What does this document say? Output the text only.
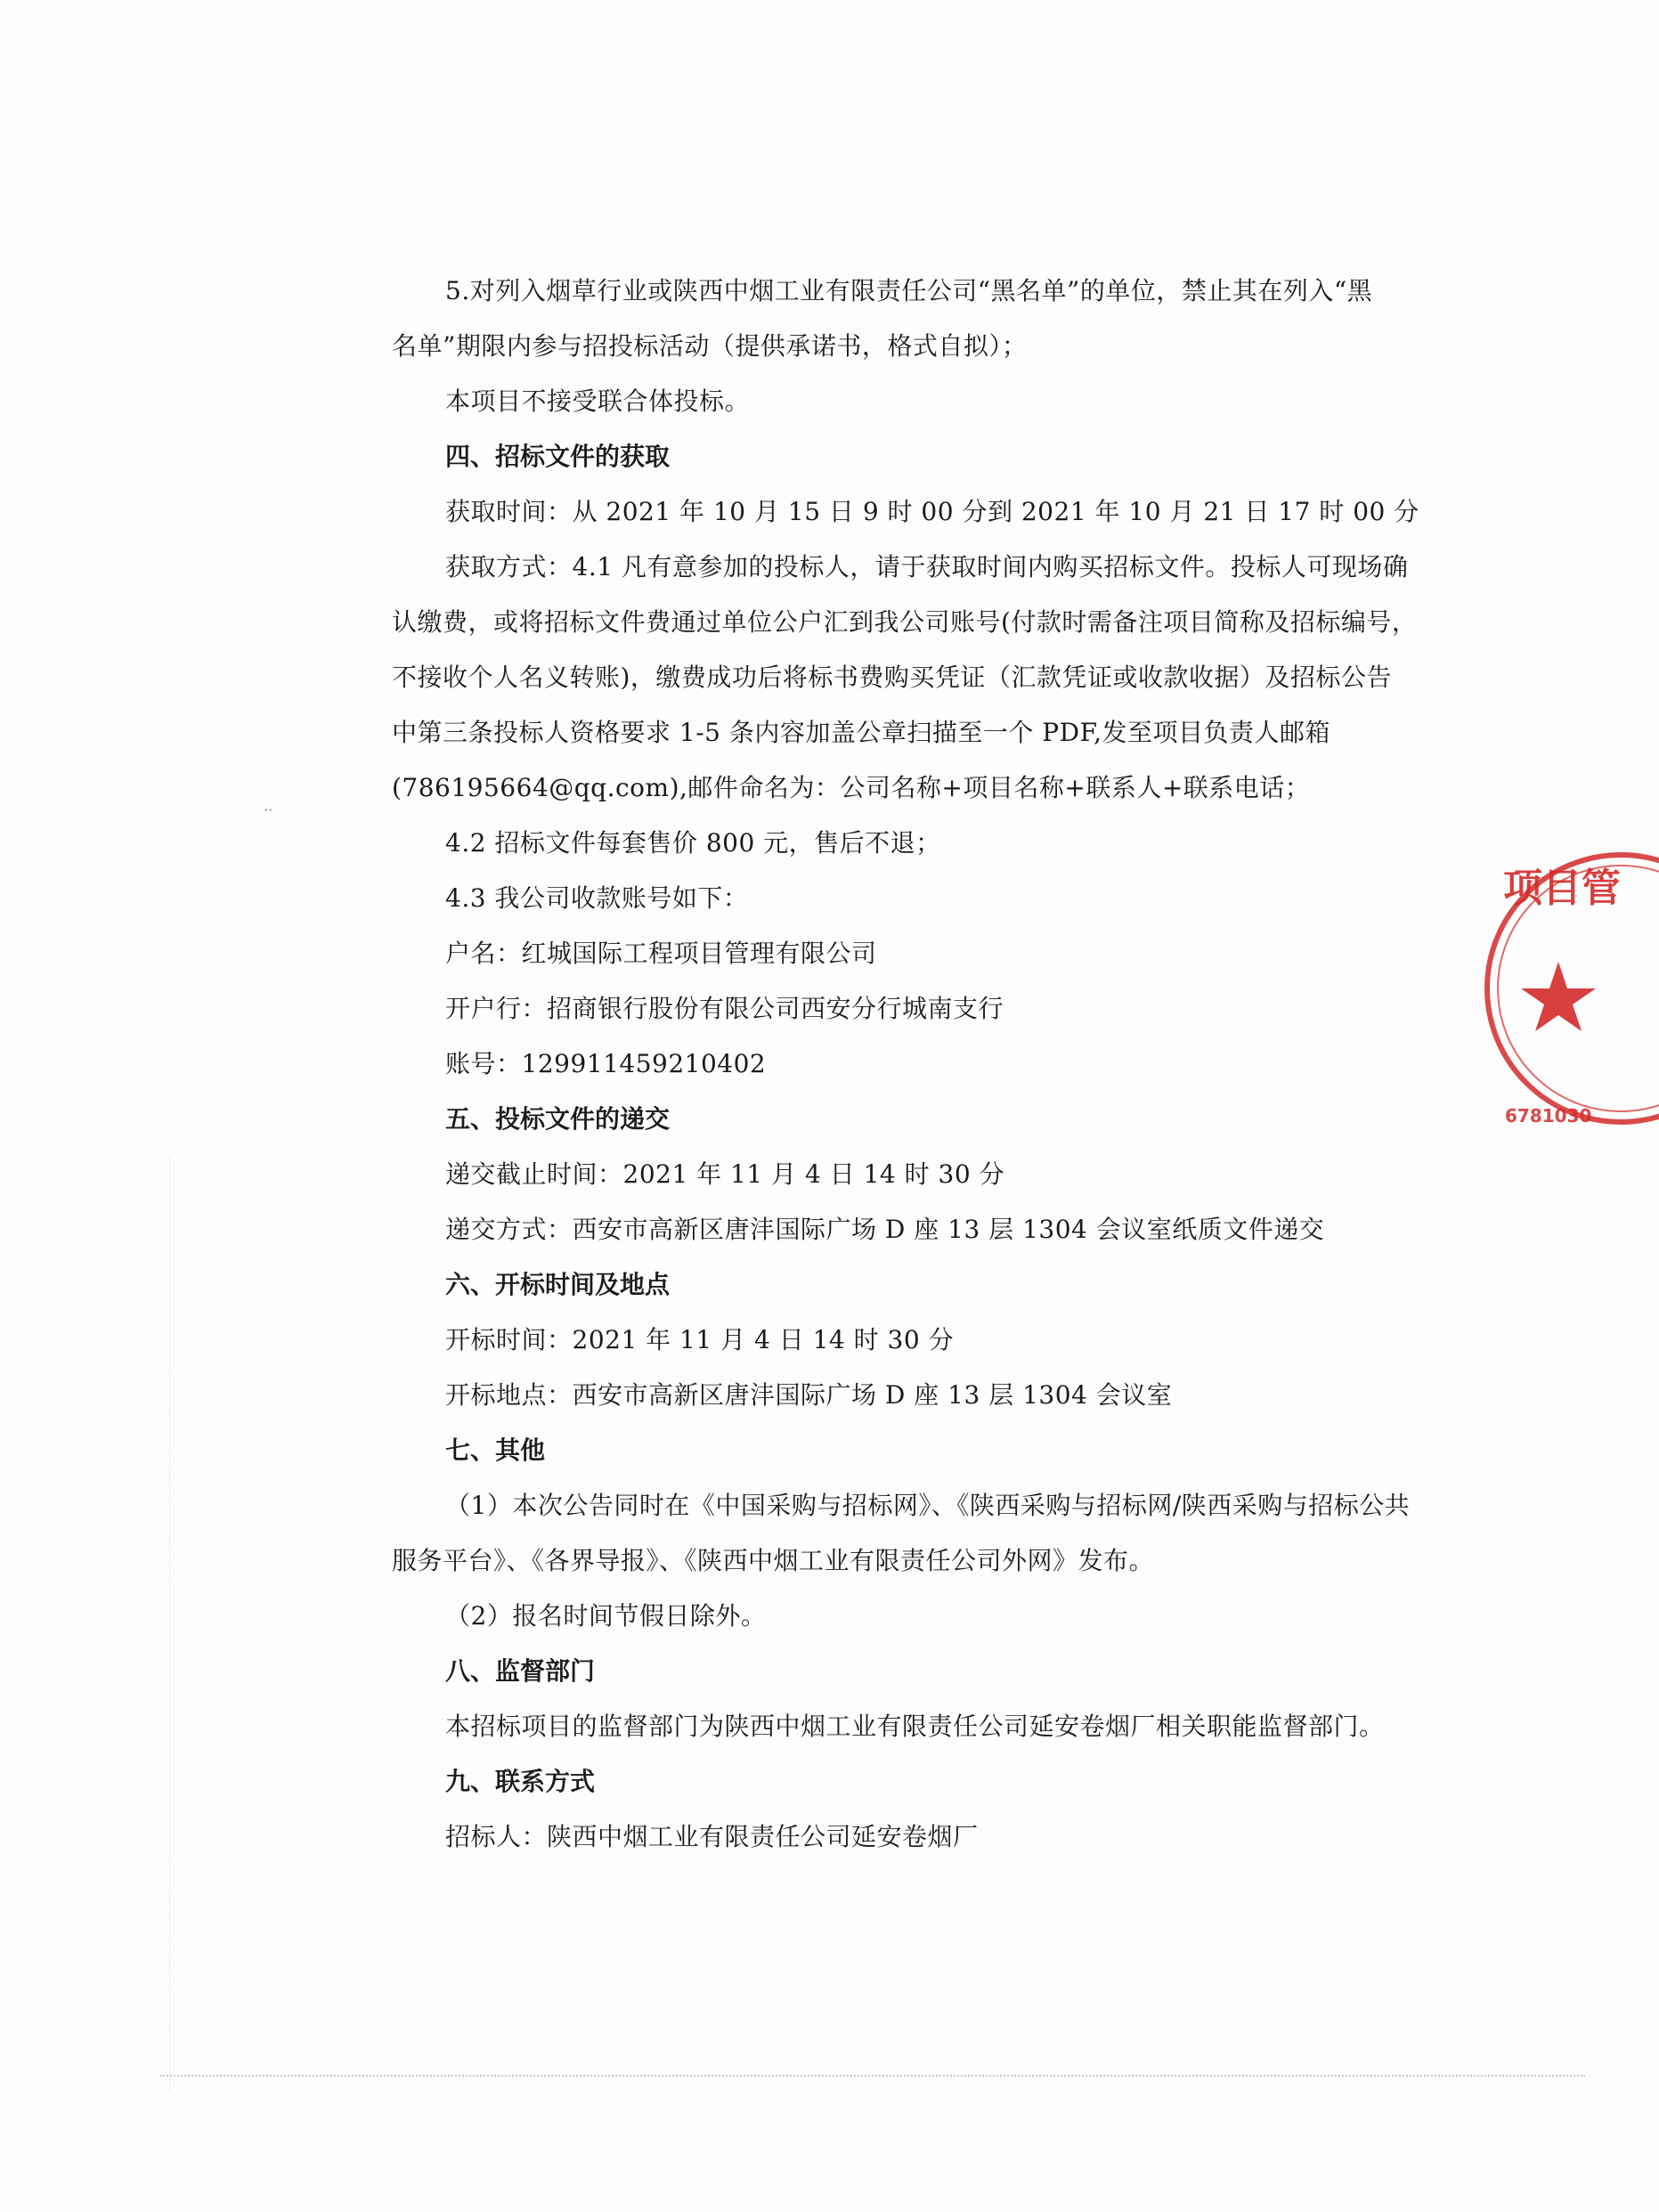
··
5.对列入烟草行业或陕西中烟工业有限责任公司“黑名单”的单位，禁止其在列入“黑
名单”期限内参与招投标活动（提供承诺书，格式自拟）；
本项目不接受联合体投标。
四、招标文件的获取
获取时间：从 2021 年 10 月 15 日 9 时 00 分到 2021 年 10 月 21 日 17 时 00 分
获取方式：4.1 凡有意参加的投标人，请于获取时间内购买招标文件。投标人可现场确
认缴费，或将招标文件费通过单位公户汇到我公司账号(付款时需备注项目简称及招标编号，
不接收个人名义转账)，缴费成功后将标书费购买凭证（汇款凭证或收款收据）及招标公告
中第三条投标人资格要求 1-5 条内容加盖公章扫描至一个 PDF,发至项目负责人邮箱
(786195664@qq.com),邮件命名为：公司名称+项目名称+联系人+联系电话；
4.2 招标文件每套售价 800 元，售后不退；
4.3 我公司收款账号如下：
户名：红城国际工程项目管理有限公司
开户行：招商银行股份有限公司西安分行城南支行
账号：129911459210402
五、投标文件的递交
递交截止时间：2021 年 11 月 4 日 14 时 30 分
递交方式：西安市高新区唐沣国际广场 D 座 13 层 1304 会议室纸质文件递交
六、开标时间及地点
开标时间：2021 年 11 月 4 日 14 时 30 分
开标地点：西安市高新区唐沣国际广场 D 座 13 层 1304 会议室
七、其他
（1）本次公告同时在《中国采购与招标网》、《陕西采购与招标网/陕西采购与招标公共
服务平台》、《各界导报》、《陕西中烟工业有限责任公司外网》发布。
（2）报名时间节假日除外。
八、监督部门
本招标项目的监督部门为陕西中烟工业有限责任公司延安卷烟厂相关职能监督部门。
九、联系方式
招标人：陕西中烟工业有限责任公司延安卷烟厂
项目管
6781030
